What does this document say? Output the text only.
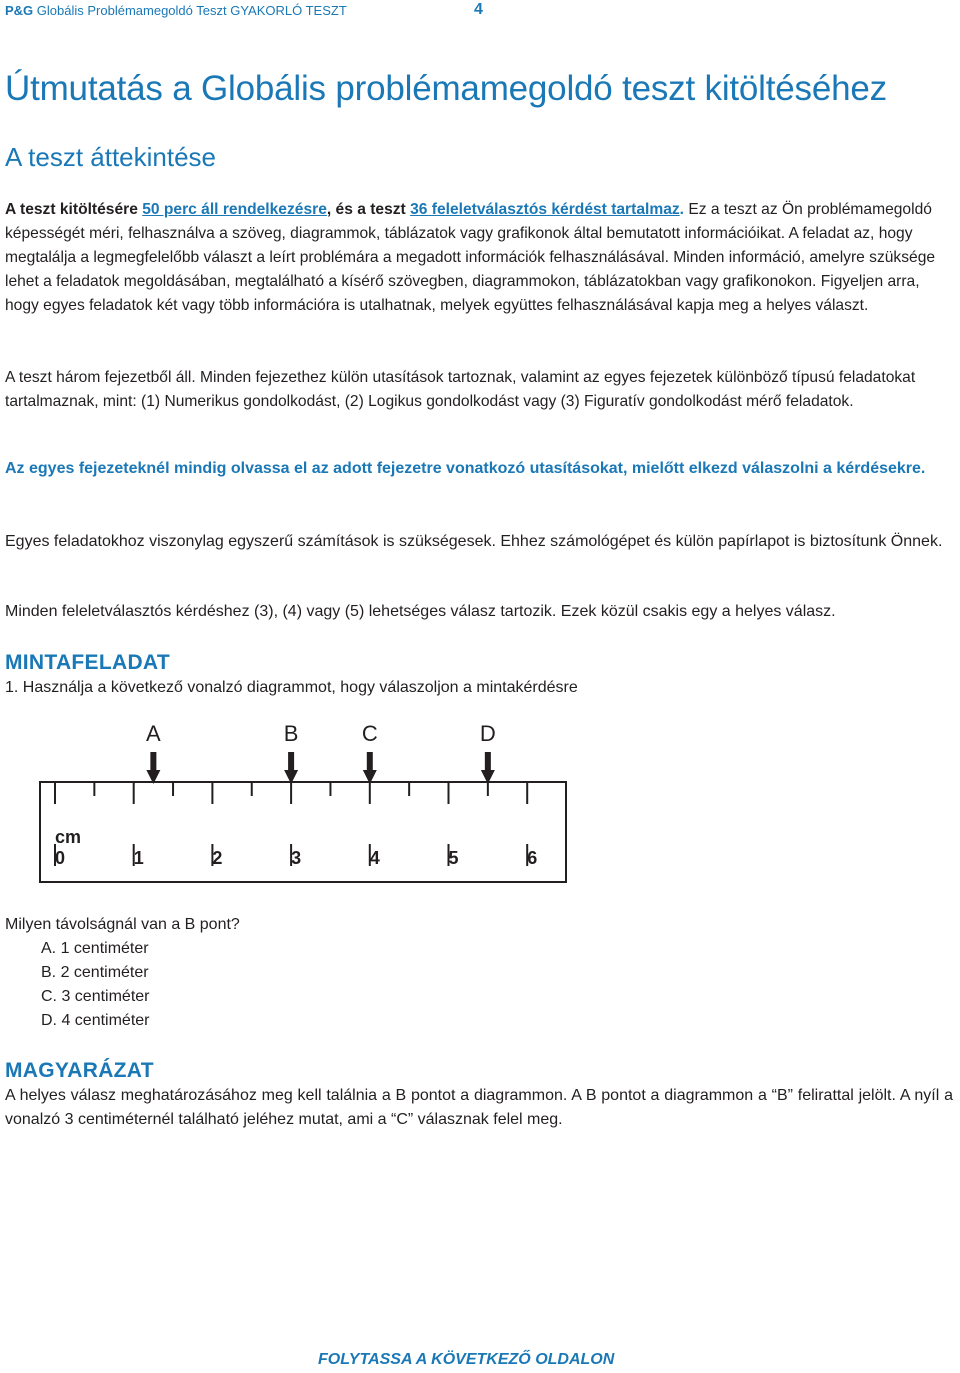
P&G Globális Problémamegoldó Teszt GYAKORLÓ TESZT	4
Útmutatás a Globális problémamegoldó teszt kitöltéséhez
A teszt áttekintése
A teszt kitöltésére 50 perc áll rendelkezésre, és a teszt 36 feleletválasztós kérdést tartalmaz. Ez a teszt az Ön problémamegoldó képességét méri, felhasználva a szöveg, diagrammok, táblázatok vagy grafikonok által bemutatott információikat. A feladat az, hogy megtalálja a legmegfelelőbb választ a leírt problémára a megadott információk felhasználásával. Minden információ, amelyre szüksége lehet a feladatok megoldásában, megtalálható a kísérő szövegben, diagrammokon, táblázatokban vagy grafikonokon. Figyeljen arra, hogy egyes feladatok két vagy több információra is utalhatnak, melyek együttes felhasználásával kapja meg a helyes választ.
A teszt három fejezetből áll. Minden fejezethez külön utasítások tartoznak, valamint az egyes fejezetek különböző típusú feladatokat tartalmaznak, mint: (1) Numerikus gondolkodást, (2) Logikus gondolkodást vagy (3) Figuratív gondolkodást mérő feladatok.
Az egyes fejezeteknél mindig olvassa el az adott fejezetre vonatkozó utasításokat, mielőtt elkezd válaszolni a kérdésekre.
Egyes feladatokhoz viszonylag egyszerű számítások is szükségesek. Ehhez számológépet és külön papírlapot is biztosítunk Önnek.
Minden feleletválasztós kérdéshez (3), (4) vagy (5) lehetséges válasz tartozik. Ezek közül csakis egy a helyes válasz.
MINTAFELADAT
1. Használja a következő vonalzó diagrammot, hogy válaszoljon a mintakérdésre
cm
0	1	2	3	4	5	6
A	B	C	D
Milyen távolságnál van a B pont?
A. 1 centiméter
B. 2 centiméter
C. 3 centiméter
D. 4 centiméter
MAGYARÁZAT
A helyes válasz meghatározásához meg kell találnia a B pontot a diagrammon. A B pontot a diagrammon a “B” felirattal jelölt. A nyíl a vonalzó 3 centiméternél található jeléhez mutat, ami a “C” válasznak felel meg.
FOLYTASSA A KÖVETKEZŐ OLDALON
